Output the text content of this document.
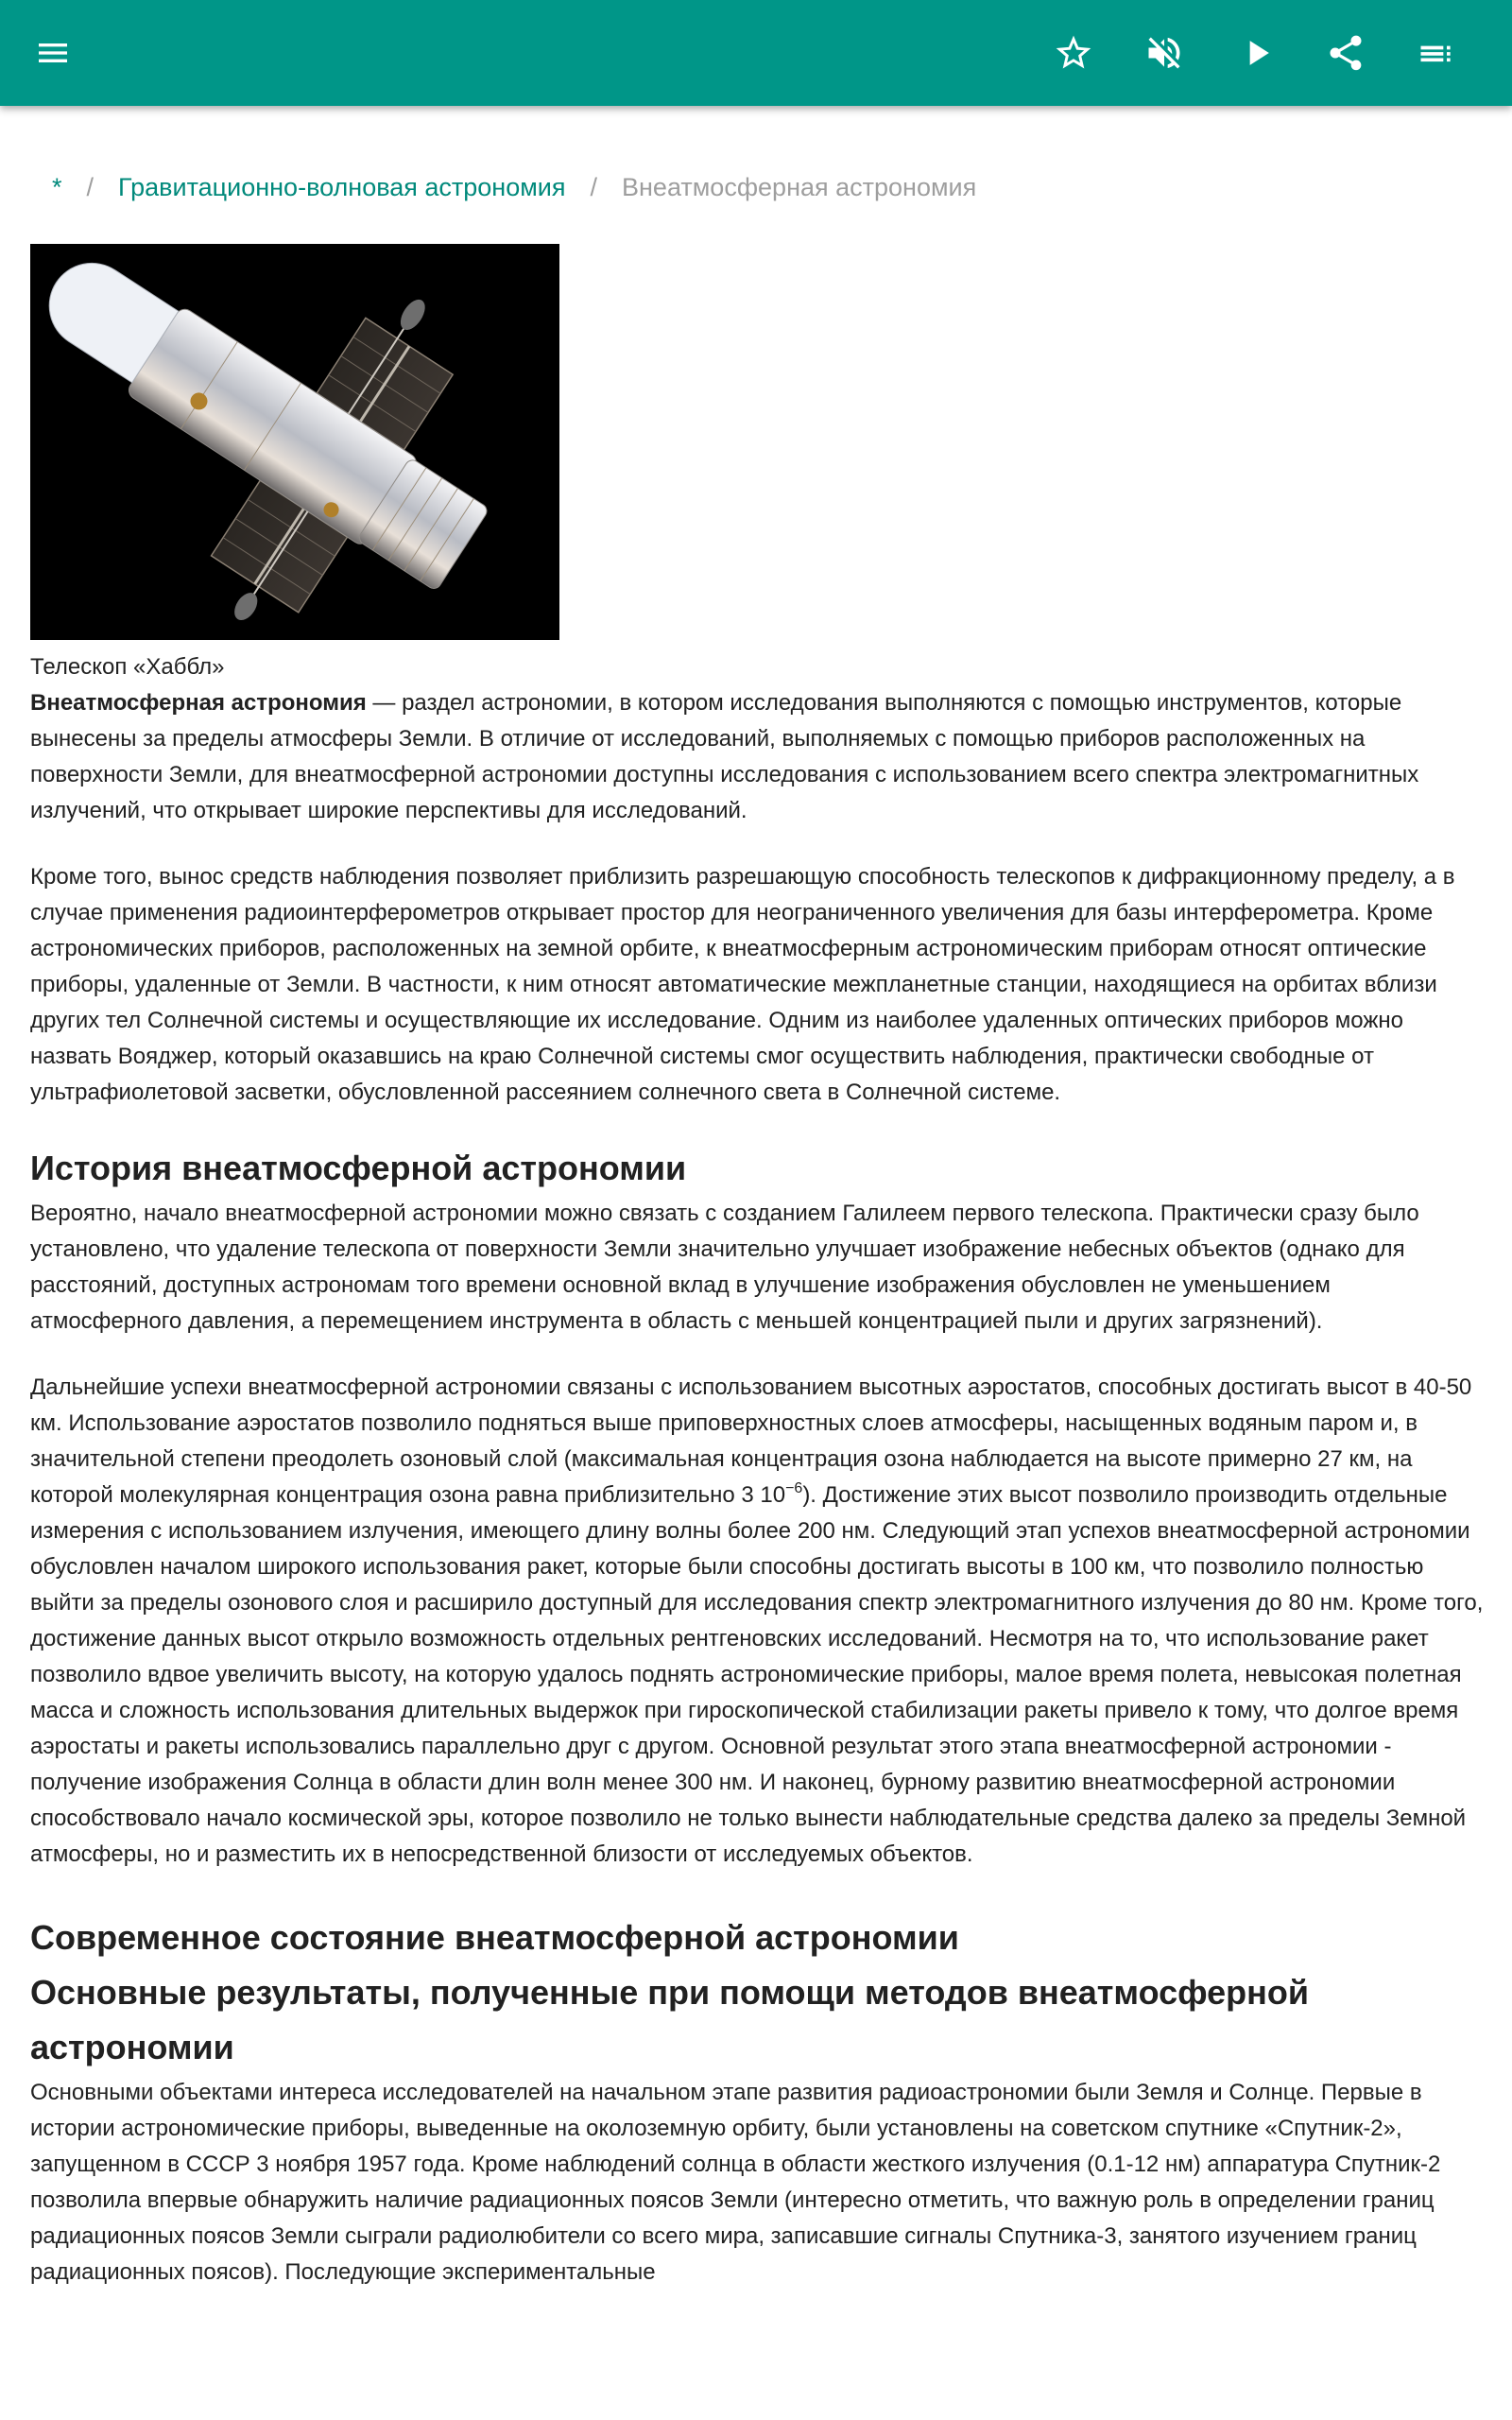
* / Гравитационно-волновая астрономия / Внеатмосферная астрономия
Телескоп «Хаббл»

Внеатмосферная астрономия — раздел астрономии, в котором исследования выполняются с помощью инструментов, которые вынесены за пределы атмосферы Земли. В отличие от исследований, выполняемых с помощью приборов расположенных на поверхности Земли, для внеатмосферной астрономии доступны исследования с использованием всего спектра электромагнитных излучений, что открывает широкие перспективы для исследований.

Кроме того, вынос средств наблюдения позволяет приблизить разрешающую способность телескопов к дифракционному пределу, а в случае применения радиоинтерферометров открывает простор для неограниченного увеличения для базы интерферометра. Кроме астрономических приборов, расположенных на земной орбите, к внеатмосферным астрономическим приборам относят оптические приборы, удаленные от Земли. В частности, к ним относят автоматические межпланетные станции, находящиеся на орбитах вблизи других тел Солнечной системы и осуществляющие их исследование. Одним из наиболее удаленных оптических приборов можно назвать Вояджер, который оказавшись на краю Солнечной системы смог осуществить наблюдения, практически свободные от ультрафиолетовой засветки, обусловленной рассеянием солнечного света в Солнечной системе.

История внеатмосферной астрономии

Вероятно, начало внеатмосферной астрономии можно связать с созданием Галилеем первого телескопа. Практически сразу было установлено, что удаление телескопа от поверхности Земли значительно улучшает изображение небесных объектов (однако для расстояний, доступных астрономам того времени основной вклад в улучшение изображения обусловлен не уменьшением атмосферного давления, а перемещением инструмента в область с меньшей концентрацией пыли и других загрязнений).

Дальнейшие успехи внеатмосферной астрономии связаны с использованием высотных аэростатов, способных достигать высот в 40-50 км. Использование аэростатов позволило подняться выше приповерхностных слоев атмосферы, насыщенных водяным паром и, в значительной степени преодолеть озоновый слой (максимальная концентрация озона наблюдается на высоте примерно 27 км, на которой молекулярная концентрация озона равна приблизительно 3 $10^{-6}$). Достижение этих высот позволило производить отдельные измерения с использованием излучения, имеющего длину волны более 200 нм. Следующий этап успехов внеатмосферной астрономии обусловлен началом широкого использования ракет, которые были способны достигать высоты в 100 км, что позволило полностью выйти за пределы озонового слоя и расширило доступный для исследования спектр электромагнитного излучения до 80 нм. Кроме того, достижение данных высот открыло возможность отдельных рентгеновских исследований. Несмотря на то, что использование ракет позволило вдвое увеличить высоту, на которую удалось поднять астрономические приборы, малое время полета, невысокая полетная масса и сложность использования длительных выдержок при гироскопической стабилизации ракеты привело к тому, что долгое время аэростаты и ракеты использовались параллельно друг с другом. Основной результат этого этапа внеатмосферной астрономии - получение изображения Солнца в области длин волн менее 300 нм. И наконец, бурному развитию внеатмосферной астрономии способствовало начало космической эры, которое позволило не только вынести наблюдательные средства далеко за пределы Земной атмосферы, но и разместить их в непосредственной близости от исследуемых объектов.

Современное состояние внеатмосферной астрономии
Основные результаты, полученные при помощи методов внеатмосферной астрономии

Основными объектами интереса исследователей на начальном этапе развития радиоастрономии были Земля и Солнце. Первые в истории астрономические приборы, выведенные на околоземную орбиту, были установлены на советском спутнике «Спутник-2», запущенном в СССР 3 ноября 1957 года. Кроме наблюдений солнца в области жесткого излучения (0.1-12 нм) аппаратура Спутник-2 позволила впервые обнаружить наличие радиационных поясов Земли (интересно отметить, что важную роль в определении границ радиационных поясов Земли сыграли радиолюбители со всего мира, записавшие сигналы Спутника-3, занятого изучением границ радиационных поясов). Последующие экспериментальные
